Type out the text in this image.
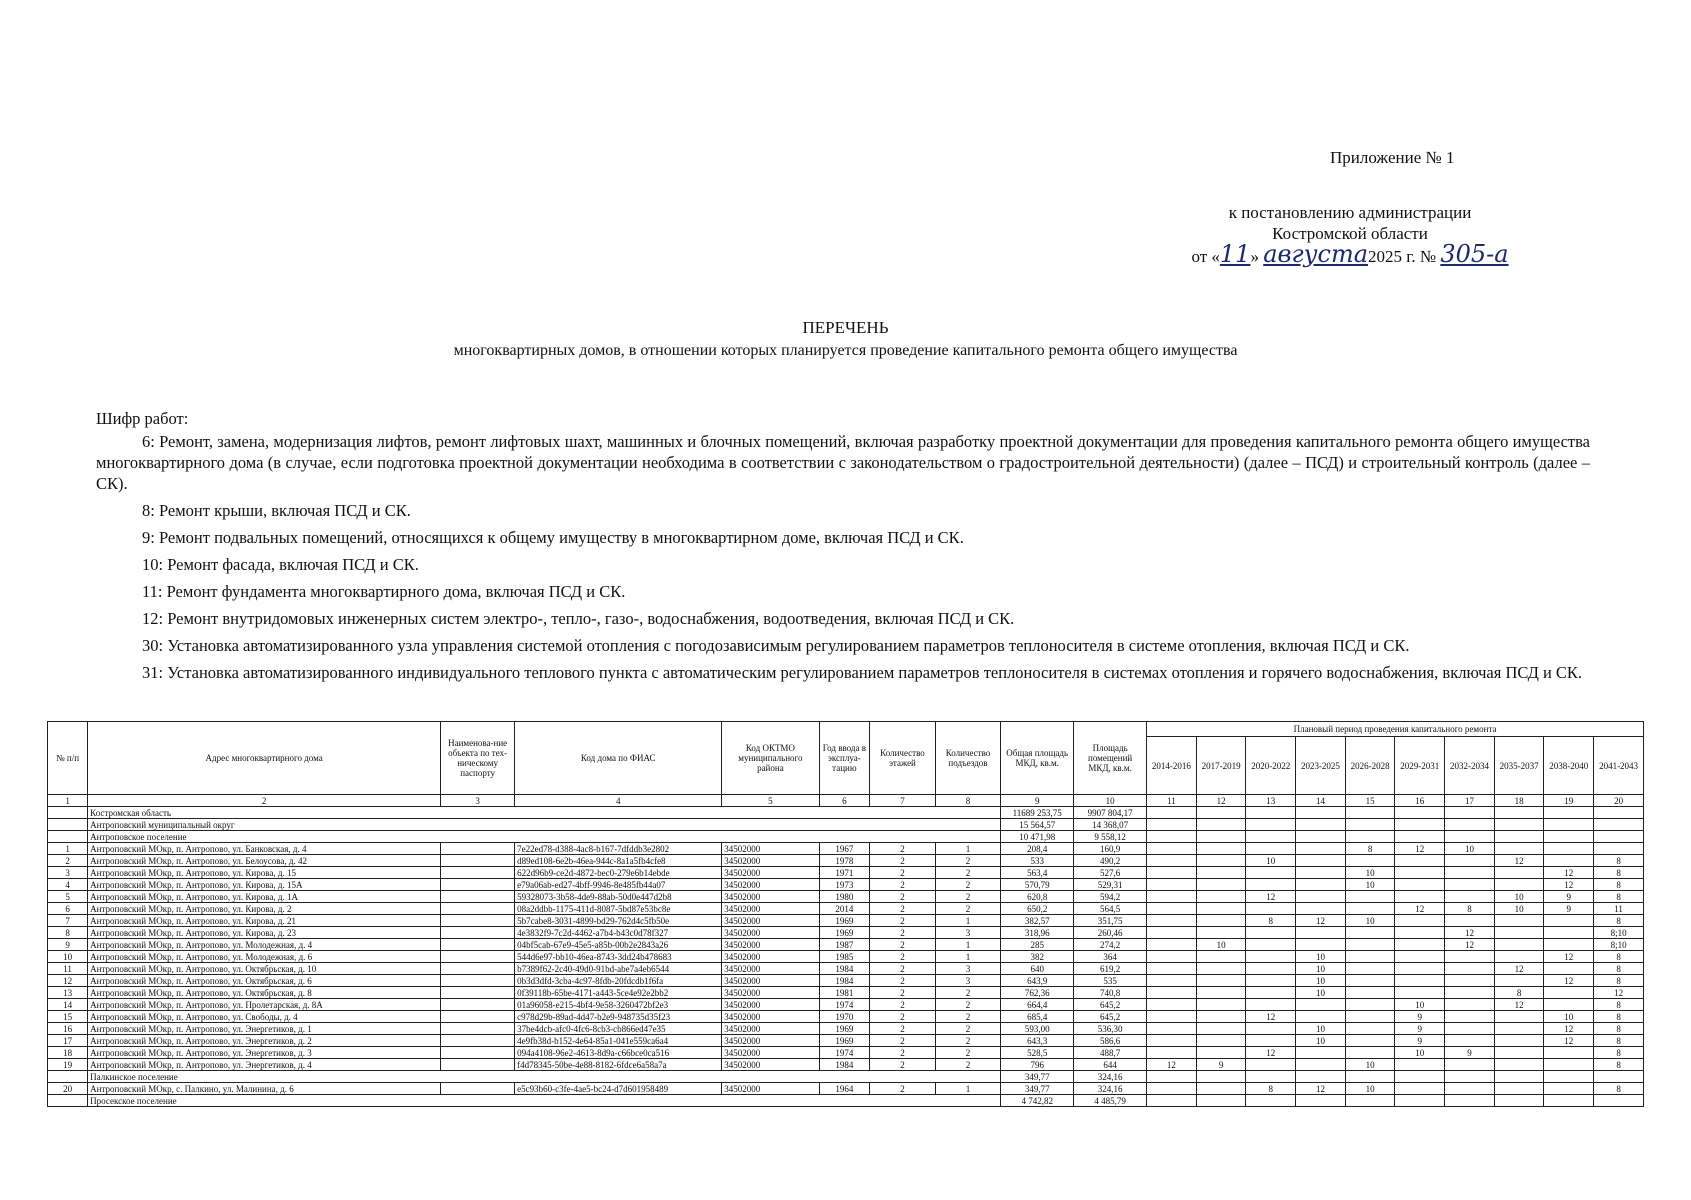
Приложение № 1
к постановлению администрации
Костромской области
от «11» августа2025 г. № 305-а
ПЕРЕЧЕНЬ
многоквартирных домов, в отношении которых планируется проведение капитального ремонта общего имущества
Шифр работ:

6: Ремонт, замена, модернизация лифтов, ремонт лифтовых шахт, машинных и блочных помещений, включая разработку проектной документации для проведения капитального ремонта общего имущества многоквартирного дома (в случае, если подготовка проектной документации необходима в соответствии с законодательством о градостроительной деятельности) (далее – ПСД) и строительный контроль (далее – СК).

8: Ремонт крыши, включая ПСД и СК.

9: Ремонт подвальных помещений, относящихся к общему имуществу в многоквартирном доме, включая ПСД и СК.

10: Ремонт фасада, включая ПСД и СК.

11: Ремонт фундамента многоквартирного дома, включая ПСД и СК.

12: Ремонт внутридомовых инженерных систем электро-, тепло-, газо-, водоснабжения, водоотведения, включая ПСД и СК.

30: Установка автоматизированного узла управления системой отопления с погодозависимым регулированием параметров теплоносителя в системе отопления, включая ПСД и СК.

31: Установка автоматизированного индивидуального теплового пункта с автоматическим регулированием параметров теплоносителя в системах отопления и горячего водоснабжения, включая ПСД и СК.

№ п/п	Адрес многоквартирного дома	Наименова-ние объекта по тех-ническому паспорту	Код дома по ФИАС	Код ОКТМО муниципального района	Год ввода в эксплуа-тацию	Количество этажей	Количество подъездов	Общая площадь МКД, кв.м.	Площадь помещений МКД, кв.м.	Плановый период проведения капитального ремонта									
										2014-2016	2017-2019	2020-2022	2023-2025	2026-2028	2029-2031	2032-2034	2035-2037	2038-2040	2041-2043
1	2	3	4	5	6	7	8	9	10	11	12	13	14	15	16	17	18	19	20
	Костромская область							11689 253,75	9907 804,17										
	Антроповский муниципальный округ							15 564,57	14 368,07										
	Антроповское поселение							10 471,98	9 558,12										
1	Антроповский МОкр, п. Антропово, ул. Банковская, д. 4		7e22ed78-d388-4ac8-b167-7dfddb3e2802	34502000	1967	2	1	208,4	160,9					8	12	10			
2	Антроповский МОкр, п. Антропово, ул. Белоусова, д. 42		d89ed108-6e2b-46ea-944c-8a1a5fb4cfe8	34502000	1978	2	2	533	490,2			10					12		8
3	Антроповский МОкр, п. Антропово, ул. Кирова, д. 15		622d96b9-ce2d-4872-bec0-279e6b14ebde	34502000	1971	2	2	563,4	527,6					10				12	8
4	Антроповский МОкр, п. Антропово, ул. Кирова, д. 15А		e79a06ab-ed27-4bff-9946-8e485fb44a07	34502000	1973	2	2	570,79	529,31					10				12	8
5	Антроповский МОкр, п. Антропово, ул. Кирова, д. 1А		59328073-3b58-4de9-88ab-50d0e447d2b8	34502000	1980	2	2	620,8	594,2			12					10	9	8
6	Антроповский МОкр, п. Антропово, ул. Кирова, д. 2		08a2ddbb-1175-411d-8087-5bd87e53bc8e	34502000	2014	2	2	650,2	564,5						12	8	10	9	11
7	Антроповский МОкр, п. Антропово, ул. Кирова, д. 21		5b7cabe8-3031-4899-bd29-762d4c5fb50e	34502000	1969	2	1	382,57	351,75			8	12	10					8
8	Антроповский МОкр, п. Антропово, ул. Кирова, д. 23		4e3832f9-7c2d-4462-a7b4-b43c0d78f327	34502000	1969	2	3	318,96	260,46							12			8;10
9	Антроповский МОкр, п. Антропово, ул. Молодежная, д. 4		04bf5cab-67e9-45e5-a85b-00b2e2843a26	34502000	1987	2	1	285	274,2		10					12			8;10
10	Антроповский МОкр, п. Антропово, ул. Молодежная, д. 6		544d6e97-bb10-46ea-8743-3dd24b478683	34502000	1985	2	1	382	364				10					12	8
11	Антроповский МОкр, п. Антропово, ул. Октябрьская, д. 10		b7389f62-2c40-49d0-91bd-abe7a4eb6544	34502000	1984	2	3	640	619,2				10				12		8
12	Антроповский МОкр, п. Антропово, ул. Октябрьская, д. 6		0b3d3dfd-3cba-4c97-8fdb-20fdcdb1f6fa	34502000	1984	2	3	643,9	535				10					12	8
13	Антроповский МОкр, п. Антропово, ул. Октябрьская, д. 8		0f39118b-65be-4171-a443-5ce4e92e2bb2	34502000	1981	2	2	762,36	740,8				10				8		12
14	Антроповский МОкр, п. Антропово, ул. Пролетарская, д. 8А		01a96058-e215-4bf4-9e58-3260472bf2e3	34502000	1974	2	2	664,4	645,2						10		12		8
15	Антроповский МОкр, п. Антропово, ул. Свободы, д. 4		c978d29b-89ad-4d47-b2e9-948735d35f23	34502000	1970	2	2	685,4	645,2			12			9			10	8
16	Антроповский МОкр, п. Антропово, ул. Энергетиков, д. 1		37be4dcb-afc0-4fc6-8cb3-cb866ed47e35	34502000	1969	2	2	593,00	536,30				10		9			12	8
17	Антроповский МОкр, п. Антропово, ул. Энергетиков, д. 2		4e9fb38d-b152-4e64-85a1-041e559ca6a4	34502000	1969	2	2	643,3	586,6				10		9			12	8
18	Антроповский МОкр, п. Антропово, ул. Энергетиков, д. 3		094a4108-96e2-4613-8d9a-c66bce0ca516	34502000	1974	2	2	528,5	488,7			12			10	9			8
19	Антроповский МОкр, п. Антропово, ул. Энергетиков, д. 4		f4d78345-50be-4e88-8182-6fdce6a58a7a	34502000	1984	2	2	796	644	12	9			10					8
	Палкинское поселение							349,77	324,16										
20	Антроповский МОкр, с. Палкино, ул. Малинина, д. 6		e5c93b60-c3fe-4ae5-bc24-d7d601958489	34502000	1964	2	1	349,77	324,16			8	12	10					8
	Просекское поселение							4 742,82	4 485,79										
